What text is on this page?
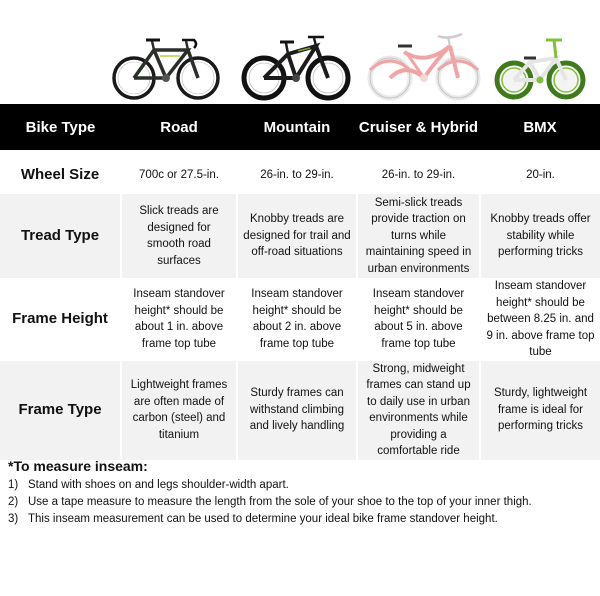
Bike Type	Road	Mountain	Cruiser & Hybrid	BMX

Wheel Size	700c or 27.5-in.	26-in. to 29-in.	26-in. to 29-in.	20-in.
Tread Type	Slick treads are designed for smooth road surfaces	Knobby treads are designed for trail and off-road situations	Semi-slick treads provide traction on turns while maintaining speed in urban environments	Knobby treads offer stability while performing tricks
Frame Height	Inseam standover height* should be about 1 in. above frame top tube	Inseam standover height* should be about 2 in. above frame top tube	Inseam standover height* should be about 5 in. above frame top tube	Inseam standover height* should be between 8.25 in. and 9 in. above frame top tube
Frame Type	Lightweight frames are often made of carbon (steel) and titanium	Sturdy frames can withstand climbing and lively handling	Strong, midweight frames can stand up to daily use in urban environments while providing a comfortable ride	Sturdy, lightweight frame is ideal for performing tricks
*To measure inseam:
1) Stand with shoes on and legs shoulder-width apart.
2) Use a tape measure to measure the length from the sole of your shoe to the top of your inner thigh.
3) This inseam measurement can be used to determine your ideal bike frame standover height.
